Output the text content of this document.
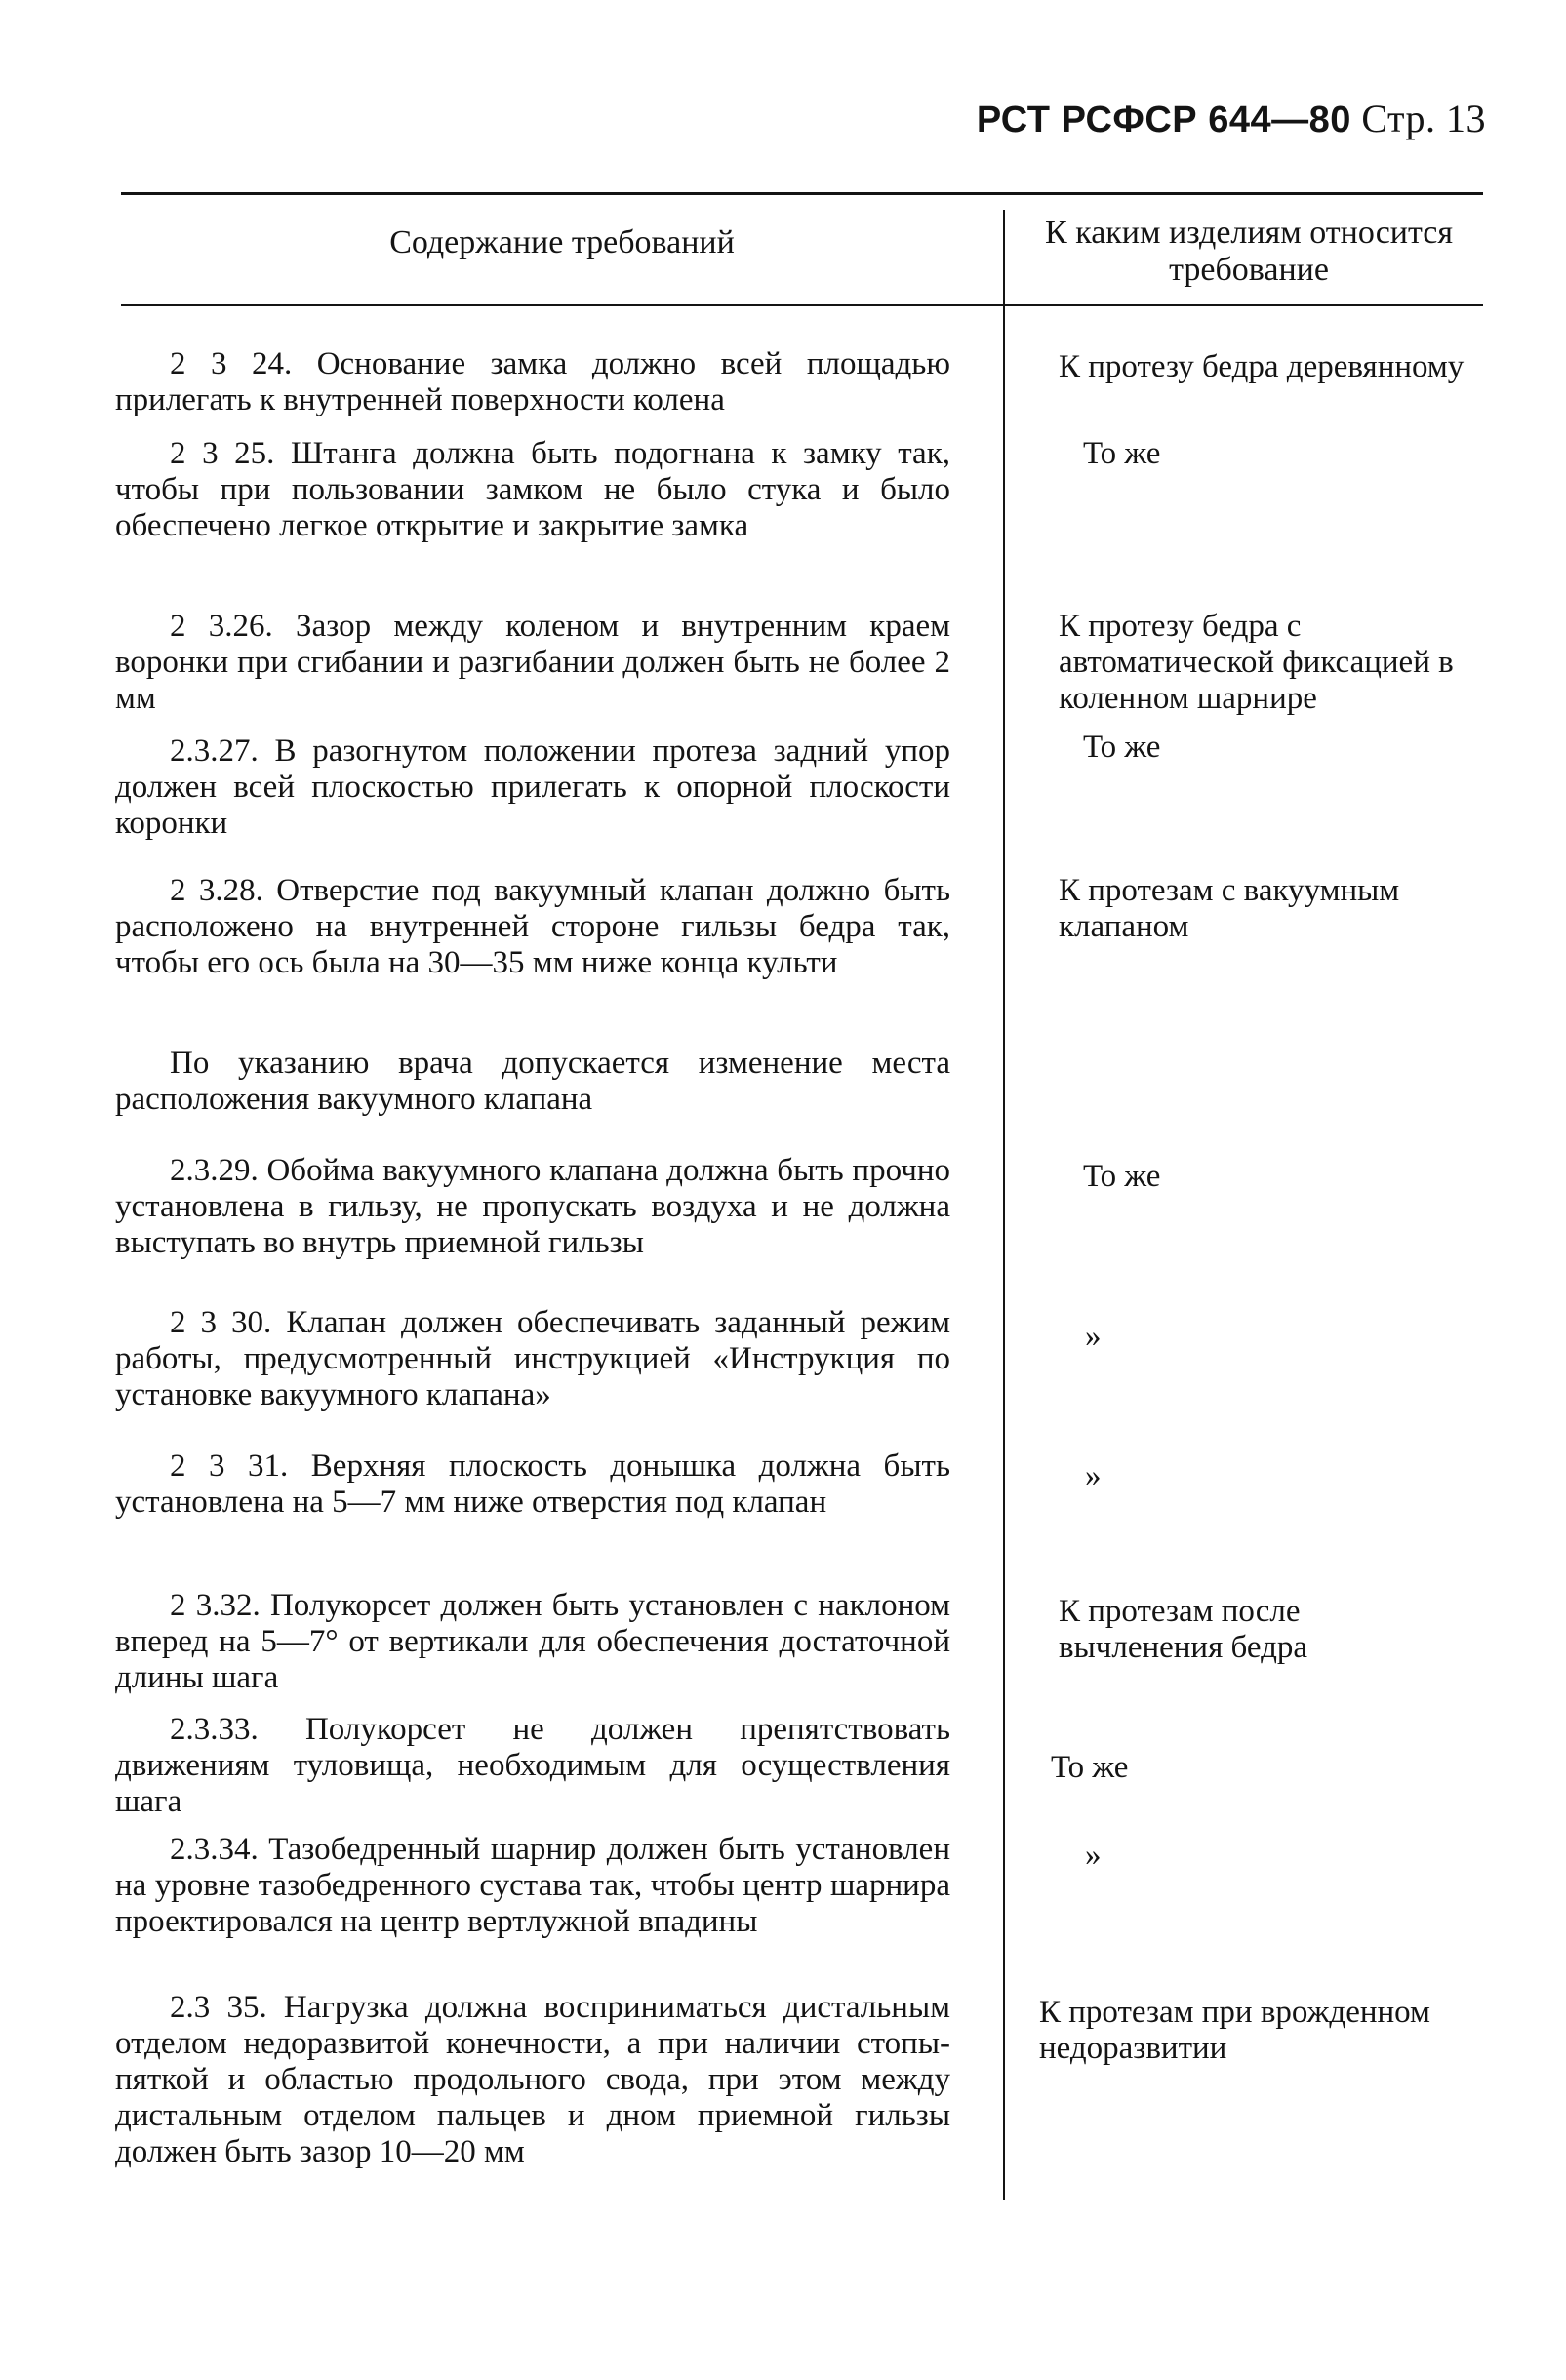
РСТ РСФСР 644—80 Стр. 13
Содержание требований	К каким изделиям относится требование

2 3 24. Основание замка должно всей площадью прилегать к внутренней поверхности колена

К протезу бедра деревянному

2 3 25. Штанга должна быть подогнана к замку так, чтобы при пользовании замком не было стука и было обеспечено легкое открытие и закрытие замка

То же

2 3.26. Зазор между коленом и внутренним краем воронки при сгибании и разгибании должен быть не более 2 мм

К протезу бедра с автоматической фиксацией в коленном шарнире

2.3.27. В разогнутом положении протеза задний упор должен всей плоскостью прилегать к опорной плоскости коронки

То же

2 3.28. Отверстие под вакуумный клапан должно быть расположено на внутренней стороне гильзы бедра так, чтобы его ось была на 30—35 мм ниже конца культи

К протезам с вакуумным клапаном

По указанию врача допускается изменение места расположения вакуумного клапана

2.3.29. Обойма вакуумного клапана должна быть прочно установлена в гильзу, не пропускать воздуха и не должна выступать во внутрь приемной гильзы

То же

2 3 30. Клапан должен обеспечивать заданный режим работы, предусмотренный инструкцией «Инструкция по установке вакуумного клапана»

»

2 3 31. Верхняя плоскость донышка должна быть установлена на 5—7 мм ниже отверстия под клапан

»

2 3.32. Полукорсет должен быть установлен с наклоном вперед на 5—7° от вертикали для обеспечения достаточной длины шага

К протезам после вычленения бедра

2.3.33. Полукорсет не должен препятствовать движениям туловища, необходимым для осуществления шага

То же

2.3.34. Тазобедренный шарнир должен быть установлен на уровне тазобедренного сустава так, чтобы центр шарнира проектировался на центр вертлужной впадины

»

2.3 35. Нагрузка должна восприниматься дистальным отделом недоразвитой конечности, а при наличии стопы-пяткой и областью продольного свода, при этом между дистальным отделом пальцев и дном приемной гильзы должен быть зазор 10—20 мм

К протезам при врожденном недоразвитии
